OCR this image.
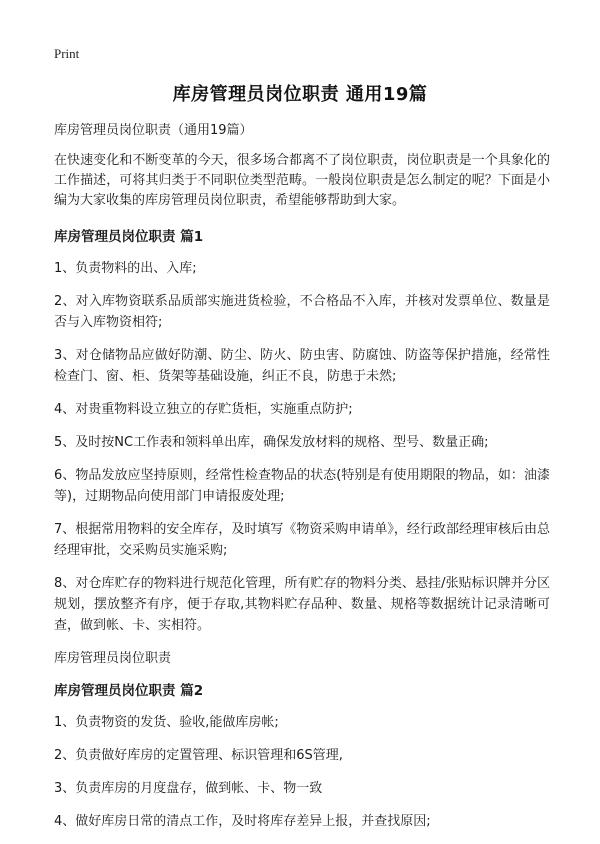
Print
库房管理员岗位职责 通用19篇

库房管理员岗位职责（通用19篇）

在快速变化和不断变革的今天，很多场合都离不了岗位职责，岗位职责是一个具象化的工作描述，可将其归类于不同职位类型范畴。一般岗位职责是怎么制定的呢？下面是小编为大家收集的库房管理员岗位职责，希望能够帮助到大家。

库房管理员岗位职责 篇1

1、负责物料的出、入库;

2、对入库物资联系品质部实施进货检验，不合格品不入库，并核对发票单位、数量是否与入库物资相符;

3、对仓储物品应做好防潮、防尘、防火、防虫害、防腐蚀、防盗等保护措施，经常性检查门、窗、柜、货架等基础设施，纠正不良，防患于未然;

4、对贵重物料设立独立的存贮货柜，实施重点防护;

5、及时按NC工作表和领料单出库，确保发放材料的规格、型号、数量正确;

6、物品发放应坚持原则，经常性检查物品的状态(特别是有使用期限的物品，如：油漆等)，过期物品向使用部门申请报废处理;

7、根据常用物料的安全库存，及时填写《物资采购申请单》，经行政部经理审核后由总经理审批，交采购员实施采购;

8、对仓库贮存的物料进行规范化管理，所有贮存的物料分类、悬挂/张贴标识牌并分区规划，摆放整齐有序，便于存取,其物料贮存品种、数量、规格等数据统计记录清晰可查，做到帐、卡、实相符。

库房管理员岗位职责

库房管理员岗位职责 篇2

1、负责物资的发货、验收,能做库房帐;

2、负责做好库房的定置管理、标识管理和6S管理,

3、负责库房的月度盘存，做到帐、卡、物一致

4、做好库房日常的清点工作，及时将库存差异上报，并查找原因;
